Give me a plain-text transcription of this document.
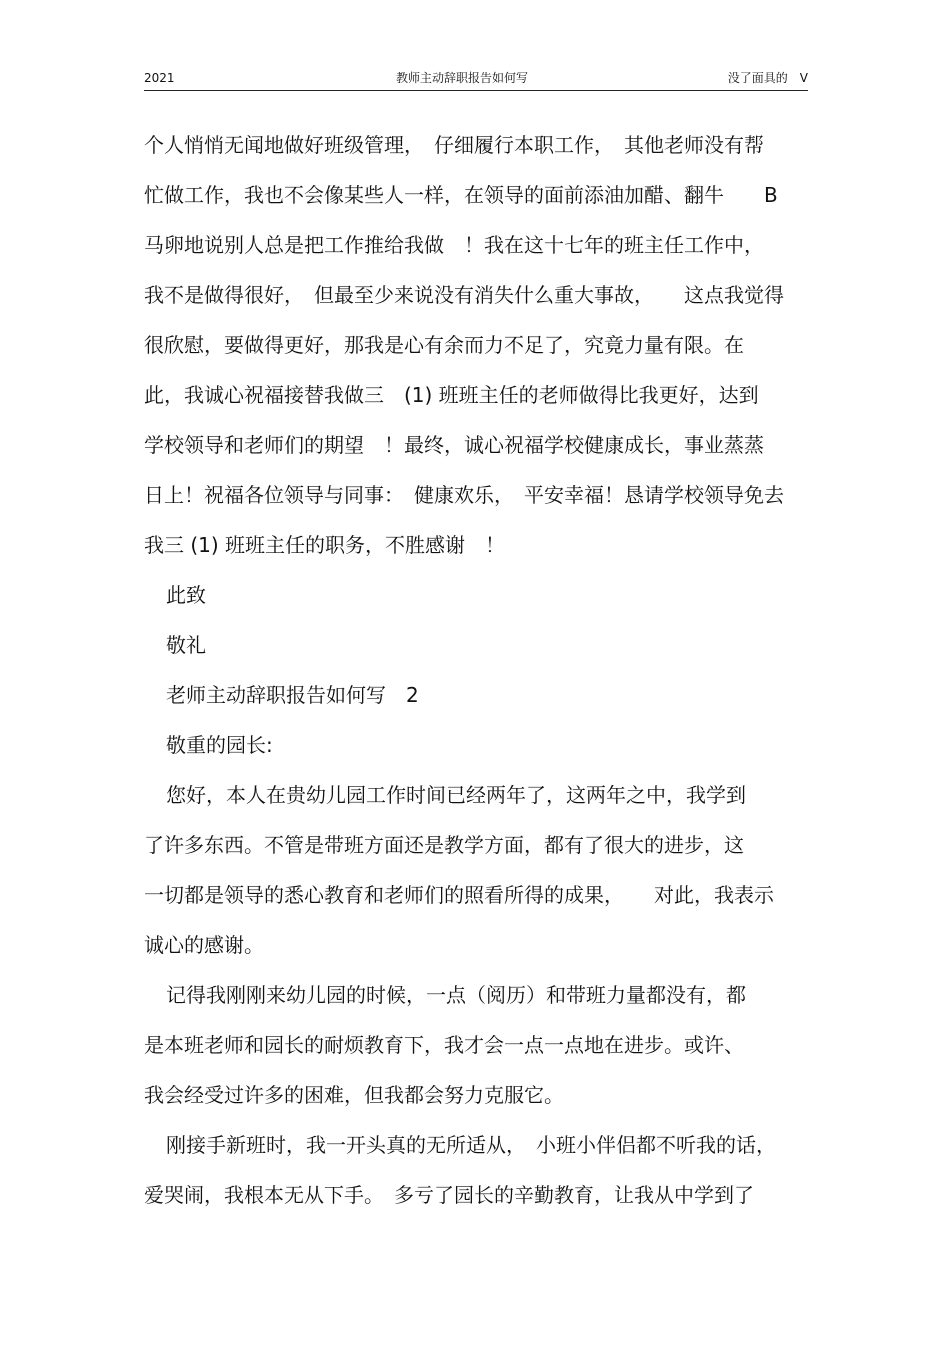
2021	教师主动辞职报告如何写	没了面具的　V
个人悄悄无闻地做好班级管理，　仔细履行本职工作，　其他老师没有帮
忙做工作，我也不会像某些人一样，在领导的面前添油加醋、翻牛　　B
马卵地说别人总是把工作推给我做　！我在这十七年的班主任工作中，
我不是做得很好，　但最至少来说没有消失什么重大事故，　　这点我觉得
很欣慰，要做得更好，那我是心有余而力不足了，究竟力量有限。在
此，我诚心祝福接替我做三　(1) 班班主任的老师做得比我更好，达到
学校领导和老师们的期望　！最终，诚心祝福学校健康成长，事业蒸蒸
日上！祝福各位领导与同事：　健康欢乐，　平安幸福！恳请学校领导免去
我三 (1) 班班主任的职务，不胜感谢　！
此致
敬礼
老师主动辞职报告如何写　2
敬重的园长:
您好，本人在贵幼儿园工作时间已经两年了，这两年之中，我学到
了许多东西。不管是带班方面还是教学方面，都有了很大的进步，这
一切都是领导的悉心教育和老师们的照看所得的成果，　　对此，我表示
诚心的感谢。
记得我刚刚来幼儿园的时候，一点（阅历）和带班力量都没有，都
是本班老师和园长的耐烦教育下，我才会一点一点地在进步。或许、
我会经受过许多的困难，但我都会努力克服它。
刚接手新班时，我一开头真的无所适从，　小班小伴侣都不听我的话，
爱哭闹，我根本无从下手。　多亏了园长的辛勤教育，让我从中学到了
